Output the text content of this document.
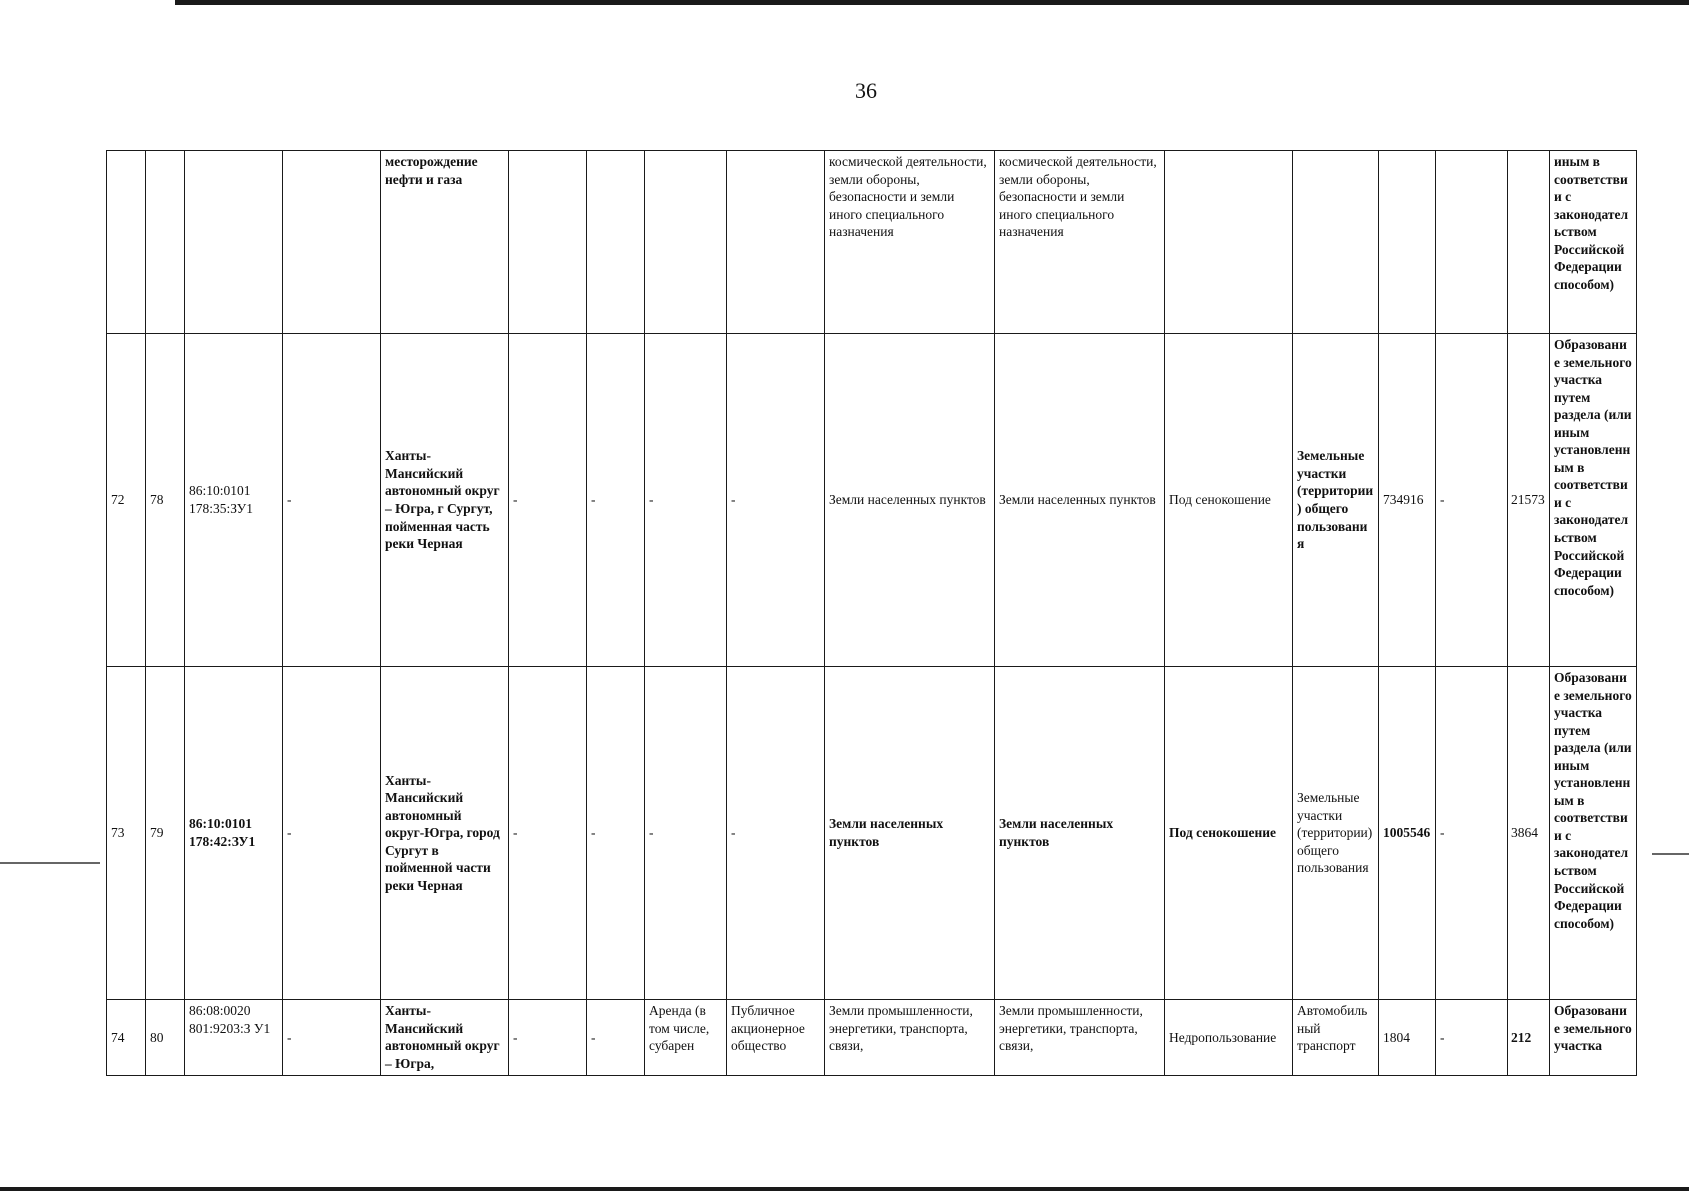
36
				месторождение нефти и газа					космической деятельности, земли обороны, безопасности и земли иного специального назначения	космической деятельности, земли обороны, безопасности и земли иного специального назначения						иным в соответствии с законодательством Российской Федерации способом)
72	78	86:10:0101 178:35:ЗУ1	-	Ханты-Мансийский автономный округ – Югра, г Сургут, пойменная часть реки Черная	-	-	-	-	Земли населенных пунктов	Земли населенных пунктов	Под сенокошение	Земельные участки (территории) общего пользования	734916	-	21573	Образование земельного участка путем раздела (или иным установленным в соответствии с законодательством Российской Федерации способом)
73	79	86:10:0101 178:42:ЗУ1	-	Ханты-Мансийский автономный округ-Югра, город Сургут в пойменной части реки Черная	-	-	-	-	Земли населенных пунктов	Земли населенных пунктов	Под сенокошение	Земельные участки (территории) общего пользования	1005546	-	3864	Образование земельного участка путем раздела (или иным установленным в соответствии с законодательством Российской Федерации способом)
74	80	86:08:0020 801:9203:З У1	-	Ханты-Мансийский автономный округ – Югра,	-	-	Аренда (в том числе, субарен	Публичное акционерное общество	Земли промышленности, энергетики, транспорта, связи,	Земли промышленности, энергетики, транспорта, связи,	Недропользование	Автомобильный транспорт	1804	-	212	Образование земельного участка
